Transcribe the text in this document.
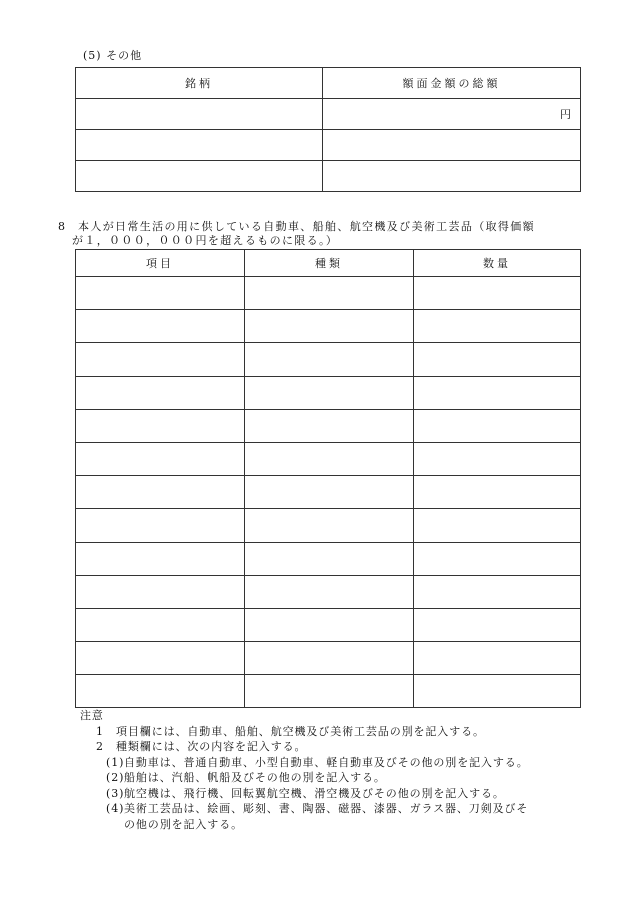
(5) その他
銘柄	額面金額の総額
	円

8 本人が日常生活の用に供している自動車、船舶、航空機及び美術工芸品（取得価額
が１，０００，０００円を超えるものに限る。）
項目	種類	数量

注意
1 項目欄には、自動車、船舶、航空機及び美術工芸品の別を記入する。
2 種類欄には、次の内容を記入する。
(1)自動車は、普通自動車、小型自動車、軽自動車及びその他の別を記入する。
(2)船舶は、汽船、帆船及びその他の別を記入する。
(3)航空機は、飛行機、回転翼航空機、滑空機及びその他の別を記入する。
(4)美術工芸品は、絵画、彫刻、書、陶器、磁器、漆器、ガラス器、刀剣及びそ
の他の別を記入する。
